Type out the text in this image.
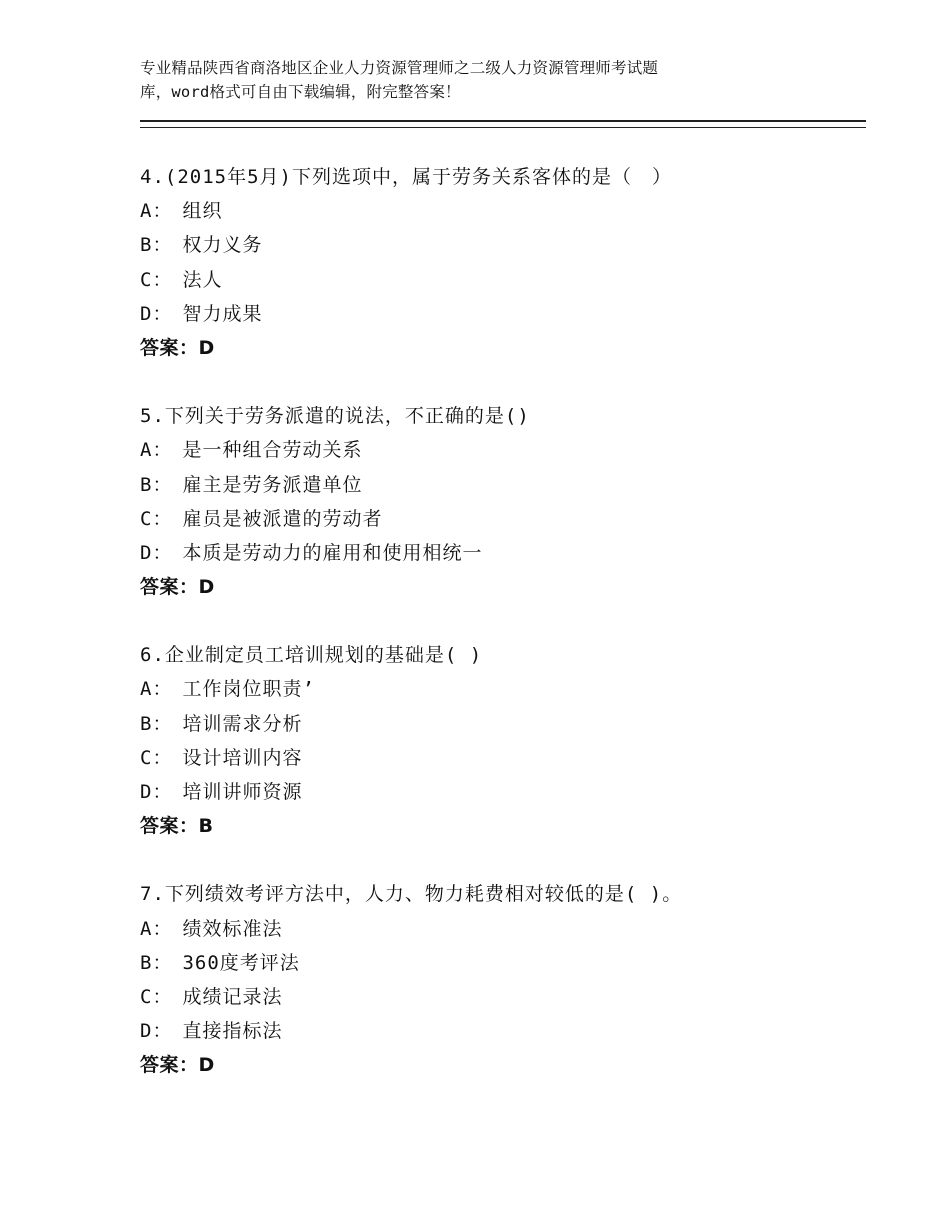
专业精品陕西省商洛地区企业人力资源管理师之二级人力资源管理师考试题
库，word格式可自由下载编辑，附完整答案！
4.(2015年5月)下列选项中，属于劳务关系客体的是（　）
A： 组织
B： 权力义务
C： 法人
D： 智力成果
答案：D
5.下列关于劳务派遣的说法，不正确的是()
A： 是一种组合劳动关系
B： 雇主是劳务派遣单位
C： 雇员是被派遣的劳动者
D： 本质是劳动力的雇用和使用相统一
答案：D
6.企业制定员工培训规划的基础是( )
A： 工作岗位职责’
B： 培训需求分析
C： 设计培训内容
D： 培训讲师资源
答案：B
7.下列绩效考评方法中，人力、物力耗费相对较低的是( )。
A： 绩效标准法
B： 360度考评法
C： 成绩记录法
D： 直接指标法
答案：D
